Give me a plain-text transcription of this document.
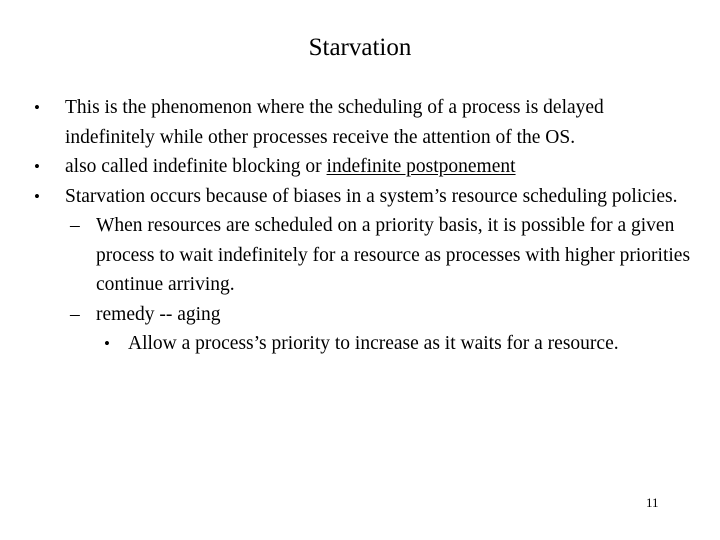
Starvation
• This is the phenomenon where the scheduling of a process is delayed indefinitely while other processes receive the attention of the OS.
• also called indefinite blocking or indefinite postponement
• Starvation occurs because of biases in a system’s resource scheduling policies.
– When resources are scheduled on a priority basis, it is possible for a given process to wait indefinitely for a resource as processes with higher priorities continue arriving.
– remedy -- aging
• Allow a process’s priority to increase as it waits for a resource.
11
